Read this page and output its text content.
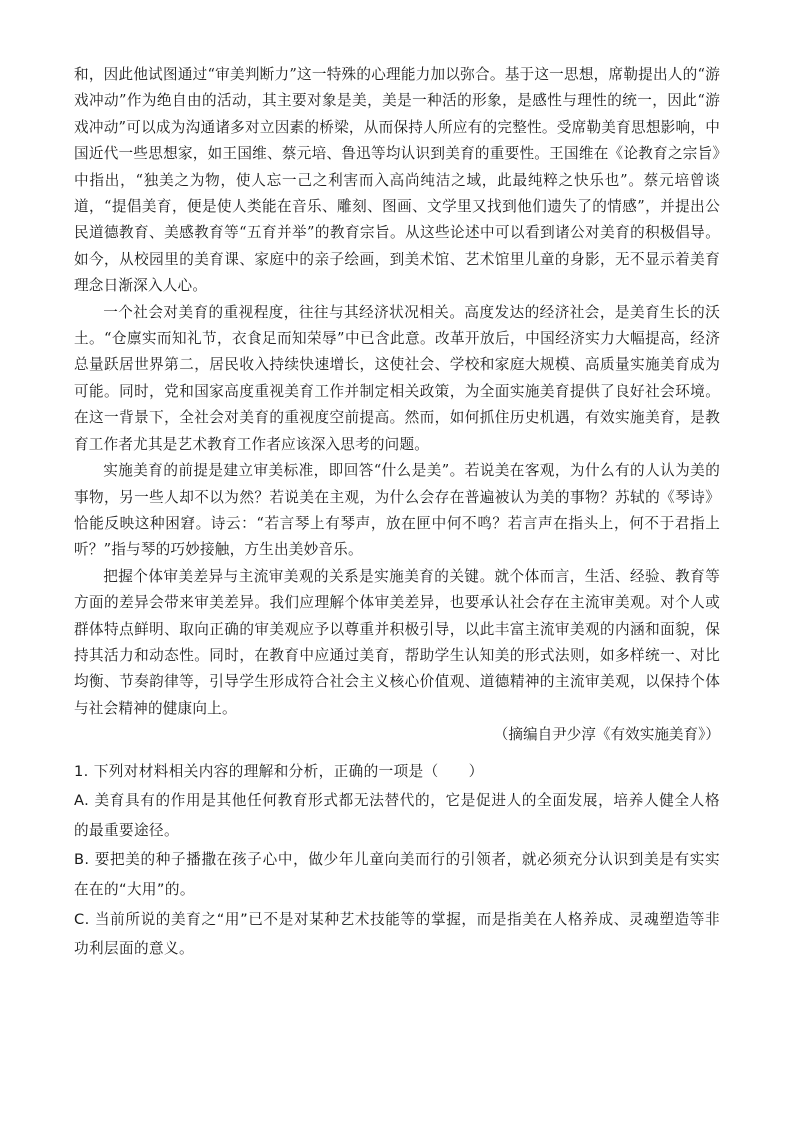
和，因此他试图通过“审美判断力”这一特殊的心理能力加以弥合。基于这一思想，席勒提出人的“游戏冲动”作为绝自由的活动，其主要对象是美，美是一种活的形象，是感性与理性的统一，因此“游戏冲动”可以成为沟通诸多对立因素的桥梁，从而保持人所应有的完整性。受席勒美育思想影响，中国近代一些思想家，如王国维、蔡元培、鲁迅等均认识到美育的重要性。王国维在《论教育之宗旨》中指出，“独美之为物，使人忘一己之利害而入高尚纯洁之域，此最纯粹之快乐也”。蔡元培曾谈道，“提倡美育，便是使人类能在音乐、雕刻、图画、文学里又找到他们遗失了的情感”，并提出公民道德教育、美感教育等“五育并举”的教育宗旨。从这些论述中可以看到诸公对美育的积极倡导。如今，从校园里的美育课、家庭中的亲子绘画，到美术馆、艺术馆里儿童的身影，无不显示着美育理念日渐深入人心。

一个社会对美育的重视程度，往往与其经济状况相关。高度发达的经济社会，是美育生长的沃土。“仓廪实而知礼节，衣食足而知荣辱”中已含此意。改革开放后，中国经济实力大幅提高，经济总量跃居世界第二，居民收入持续快速增长，这使社会、学校和家庭大规模、高质量实施美育成为可能。同时，党和国家高度重视美育工作并制定相关政策，为全面实施美育提供了良好社会环境。在这一背景下，全社会对美育的重视度空前提高。然而，如何抓住历史机遇，有效实施美育，是教育工作者尤其是艺术教育工作者应该深入思考的问题。

实施美育的前提是建立审美标准，即回答“什么是美”。若说美在客观，为什么有的人认为美的事物，另一些人却不以为然？若说美在主观，为什么会存在普遍被认为美的事物？苏轼的《琴诗》恰能反映这种困窘。诗云：“若言琴上有琴声，放在匣中何不鸣？若言声在指头上，何不于君指上听？”指与琴的巧妙接触，方生出美妙音乐。

把握个体审美差异与主流审美观的关系是实施美育的关键。就个体而言，生活、经验、教育等方面的差异会带来审美差异。我们应理解个体审美差异，也要承认社会存在主流审美观。对个人或群体特点鲜明、取向正确的审美观应予以尊重并积极引导，以此丰富主流审美观的内涵和面貌，保持其活力和动态性。同时，在教育中应通过美育，帮助学生认知美的形式法则，如多样统一、对比均衡、节奏韵律等，引导学生形成符合社会主义核心价值观、道德精神的主流审美观，以保持个体与社会精神的健康向上。

（摘编自尹少淳《有效实施美育》）

1. 下列对材料相关内容的理解和分析，正确的一项是（　　）

A. 美育具有的作用是其他任何教育形式都无法替代的，它是促进人的全面发展，培养人健全人格的最重要途径。

B. 要把美的种子播撒在孩子心中，做少年儿童向美而行的引领者，就必须充分认识到美是有实实在在的“大用”的。

C. 当前所说的美育之“用”已不是对某种艺术技能等的掌握，而是指美在人格养成、灵魂塑造等非功利层面的意义。
